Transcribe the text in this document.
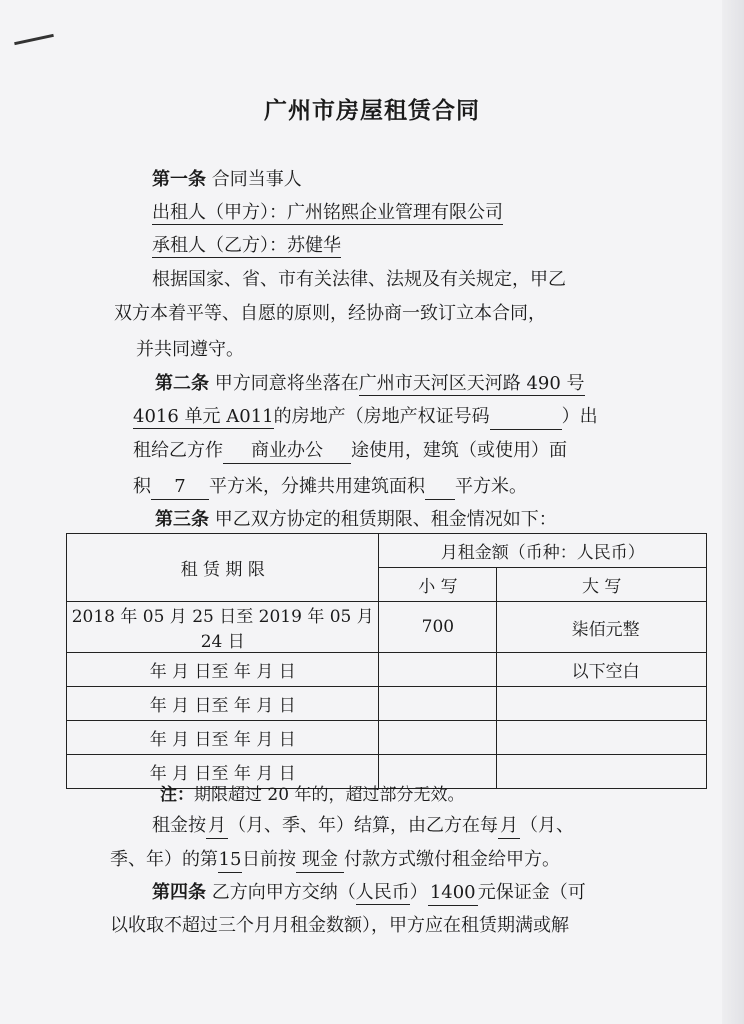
广州市房屋租赁合同
第一条 合同当事人
出租人（甲方）：广州铭熙企业管理有限公司
承租人（乙方）：苏健华
根据国家、省、市有关法律、法规及有关规定，甲乙
双方本着平等、自愿的原则，经协商一致订立本合同，
并共同遵守。
第二条 甲方同意将坐落在广州市天河区天河路 490 号
4016 单元 A011的房地产（房地产权证号码	）出
租给乙方作 商业办公 途使用，建筑（或使用）面
积 7 平方米，分摊共用建筑面积 平方米。
第三条 甲乙双方协定的租赁期限、租金情况如下：
租 赁 期 限	月租金额（币种：人民币）	
	小 写	大 写
2018 年 05 月 25 日至 2019 年 05 月 24 日	700	柒佰元整
年 月 日至 年 月 日		以下空白
年 月 日至 年 月 日		
年 月 日至 年 月 日		
年 月 日至 年 月 日		
注：期限超过 20 年的，超过部分无效。
租金按 月 （月、季、年）结算，由乙方在每 月 （月、
季、年）的第15日前按 现金 付款方式缴付租金给甲方。
第四条 乙方向甲方交纳（人民币） 1400 元保证金（可
以收取不超过三个月月租金数额），甲方应在租赁期满或解
